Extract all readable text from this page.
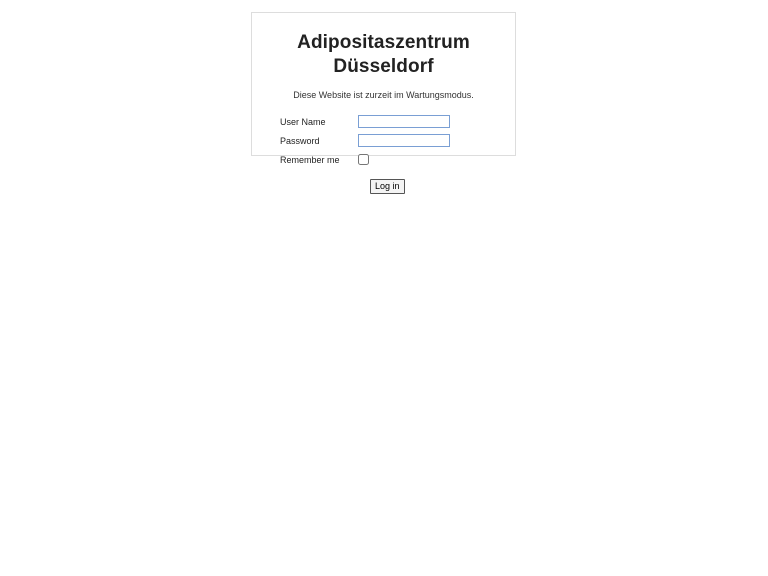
Adipositaszentrum Düsseldorf

Diese Website ist zurzeit im Wartungsmodus.

User Name
Password
Remember me
Log in
